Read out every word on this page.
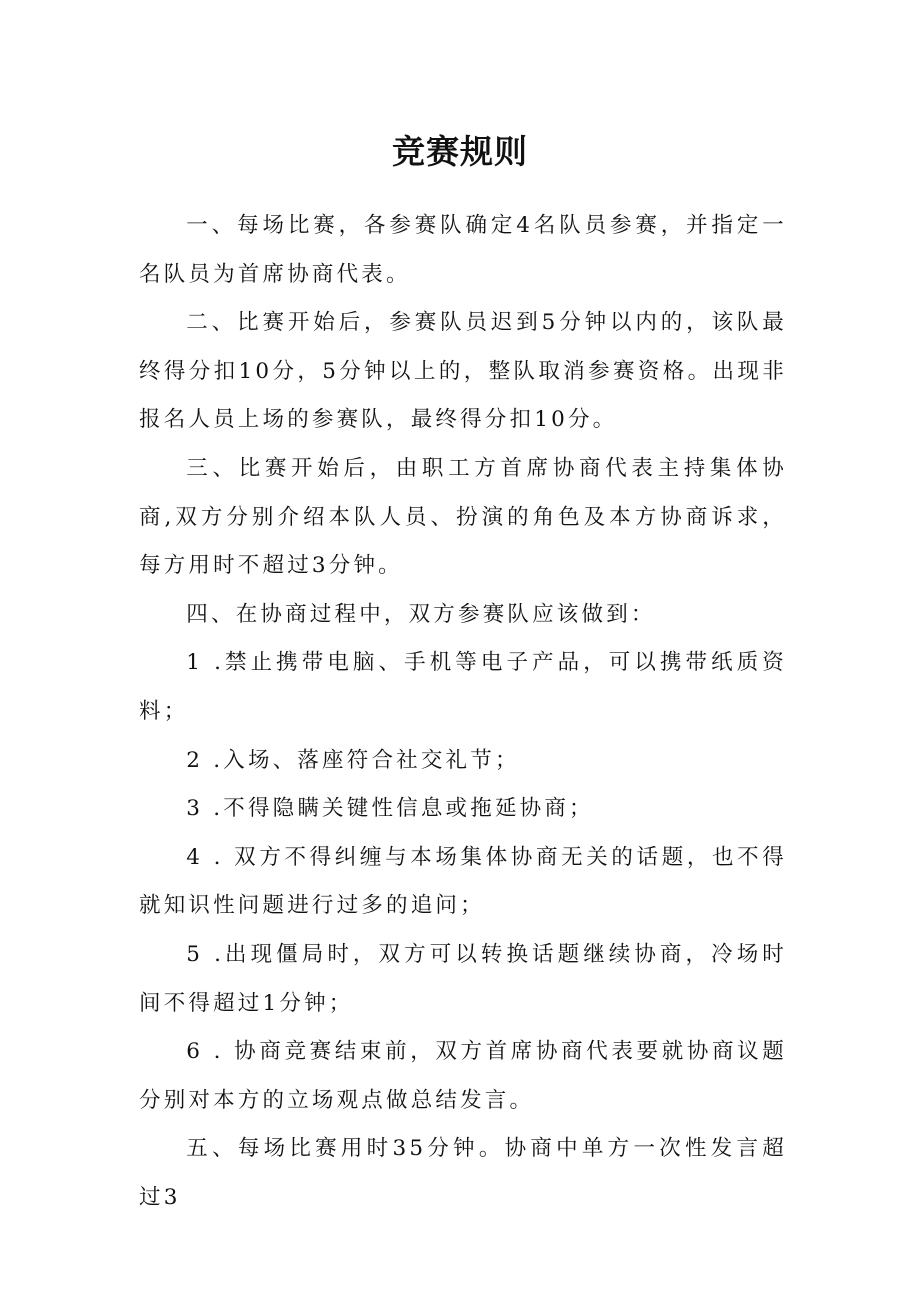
竞赛规则

一、每场比赛，各参赛队确定4名队员参赛，并指定一名队员为首席协商代表。

二、比赛开始后，参赛队员迟到5分钟以内的，该队最终得分扣10分，5分钟以上的，整队取消参赛资格。出现非报名人员上场的参赛队，最终得分扣10分。

三、比赛开始后，由职工方首席协商代表主持集体协商,双方分别介绍本队人员、扮演的角色及本方协商诉求，每方用时不超过3分钟。

四、在协商过程中，双方参赛队应该做到：

1 .禁止携带电脑、手机等电子产品，可以携带纸质资料；

2 .入场、落座符合社交礼节；

3 .不得隐瞒关键性信息或拖延协商；

4 . 双方不得纠缠与本场集体协商无关的话题，也不得就知识性问题进行过多的追问；

5 .出现僵局时，双方可以转换话题继续协商，冷场时间不得超过1分钟；

6 . 协商竞赛结束前，双方首席协商代表要就协商议题分别对本方的立场观点做总结发言。

五、每场比赛用时35分钟。协商中单方一次性发言超过3
